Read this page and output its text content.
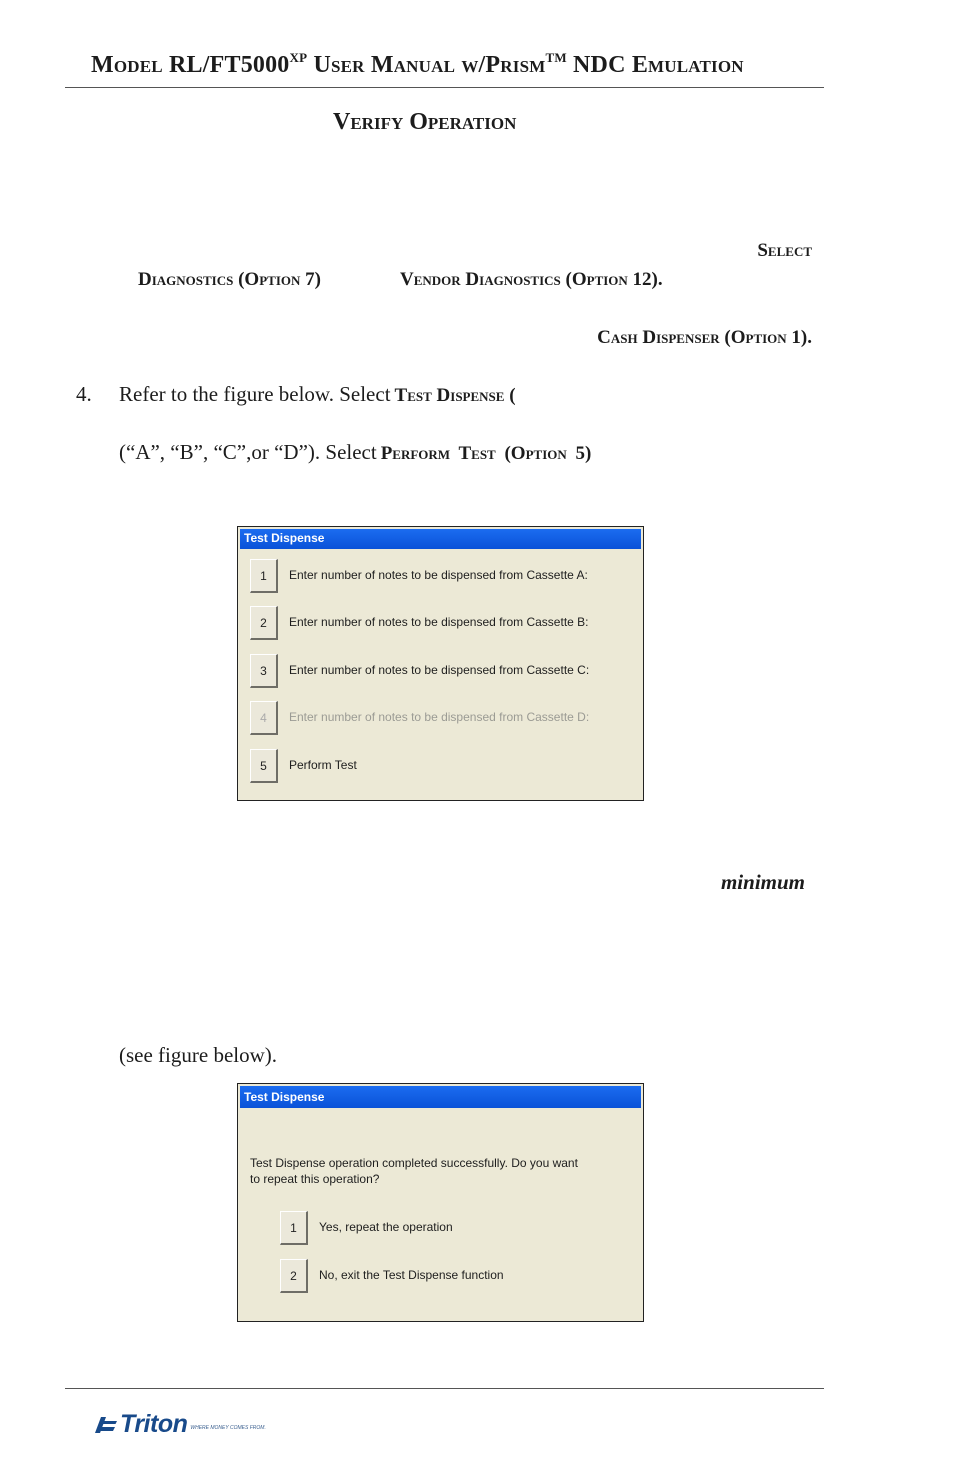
Model $RL/FT5000^{XP}$ User Manual w/Prism™ NDC Emulation
Verify Operation
Select
Diagnostics (Option 7)	Vendor Diagnostics (Option 12).
Cash Dispenser (Option 1).
4. Refer to the figure below. Select Test Dispense (
(“A”, “B”, “C”,or “D”). Select Perform Test (Option 5)
Test Dispense
1	Enter number of notes to be dispensed from Cassette A:
2	Enter number of notes to be dispensed from Cassette B:
3	Enter number of notes to be dispensed from Cassette C:
4	Enter number of notes to be dispensed from Cassette D:
5	Perform Test
minimum
(see figure below).
Test Dispense
Test Dispense operation completed successfully. Do you want
to repeat this operation?
1	Yes, repeat the operation
2	No, exit the Test Dispense function
Triton WHERE MONEY COMES FROM.
